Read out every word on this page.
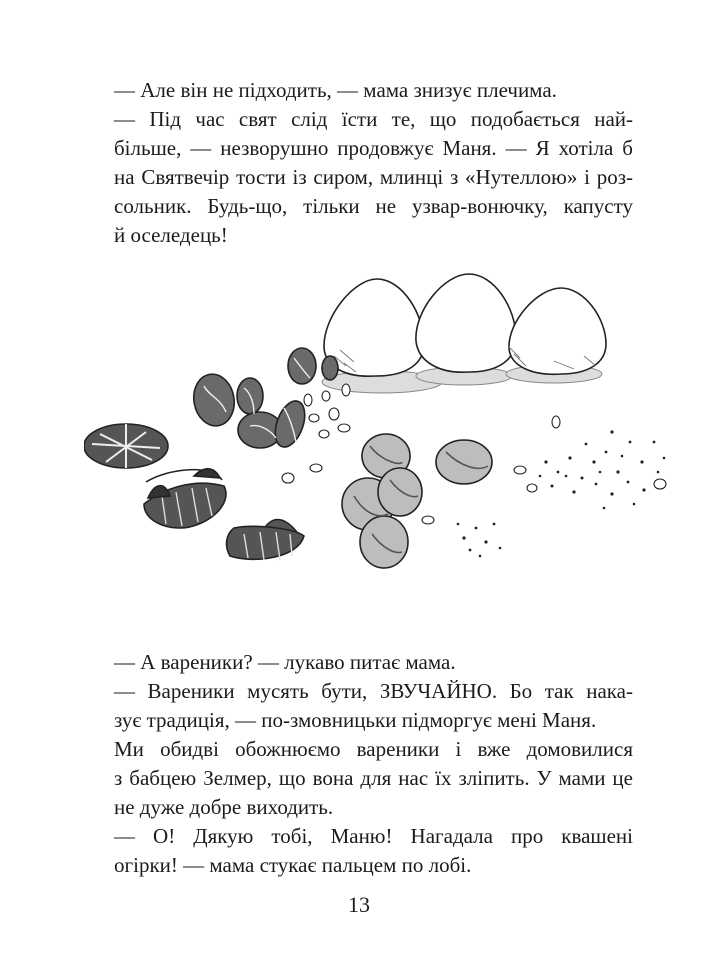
— Але він не підходить, — мама знизує плечима.

— Під час свят слід їсти те, що подобається най-
більше, — незворушно продовжує Маня. — Я хотіла б
на Святвечір тости із сиром, млинці з «Нутеллою» і роз-
сольник. Будь-що, тільки не узвар-вонючку, капусту
й оселедець!

— А вареники? — лукаво питає мама.

— Вареники мусять бути, ЗВУЧАЙНО. Бо так нака-
зує традиція, — по-змовницьки підморгує мені Маня.

Ми обидві обожнюємо вареники і вже домовилися
з бабцею Зелмер, що вона для нас їх зліпить. У мами це
не дуже добре виходить.

— О! Дякую тобі, Маню! Нагадала про квашені
огірки! — мама стукає пальцем по лобі.

13
